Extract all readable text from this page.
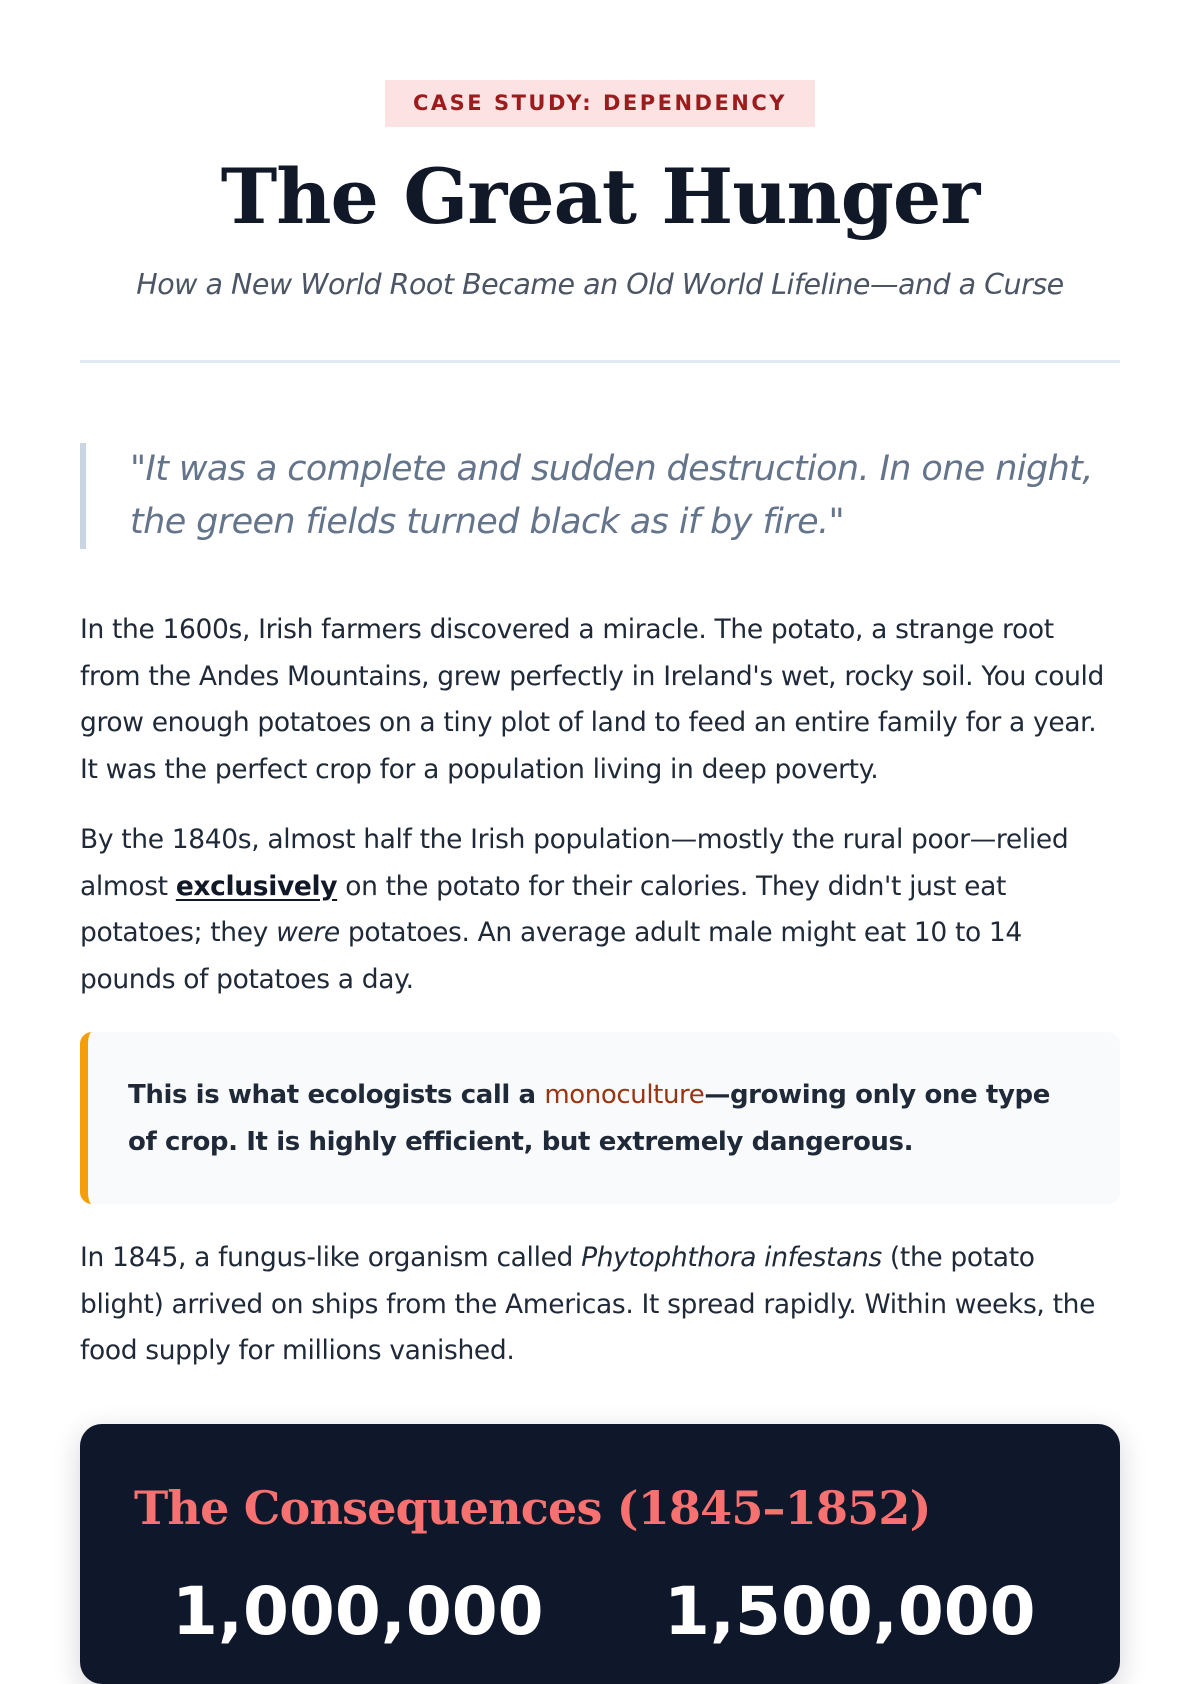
CASE STUDY: DEPENDENCY
The Great Hunger

How a New World Root Became an Old World Lifeline—and a Curse

"It was a complete and sudden destruction. In one night, the green fields turned black as if by fire."

In the 1600s, Irish farmers discovered a miracle. The potato, a strange root from the Andes Mountains, grew perfectly in Ireland's wet, rocky soil. You could grow enough potatoes on a tiny plot of land to feed an entire family for a year. It was the perfect crop for a population living in deep poverty.

By the 1840s, almost half the Irish population—mostly the rural poor—relied almost exclusively on the potato for their calories. They didn't just eat potatoes; they were potatoes. An average adult male might eat 10 to 14 pounds of potatoes a day.

This is what ecologists call a monoculture—growing only one type of crop. It is highly efficient, but extremely dangerous.

In 1845, a fungus-like organism called Phytophthora infestans (the potato blight) arrived on ships from the Americas. It spread rapidly. Within weeks, the food supply for millions vanished.

The Consequences (1845–1852)
1,000,000 1,500,000
